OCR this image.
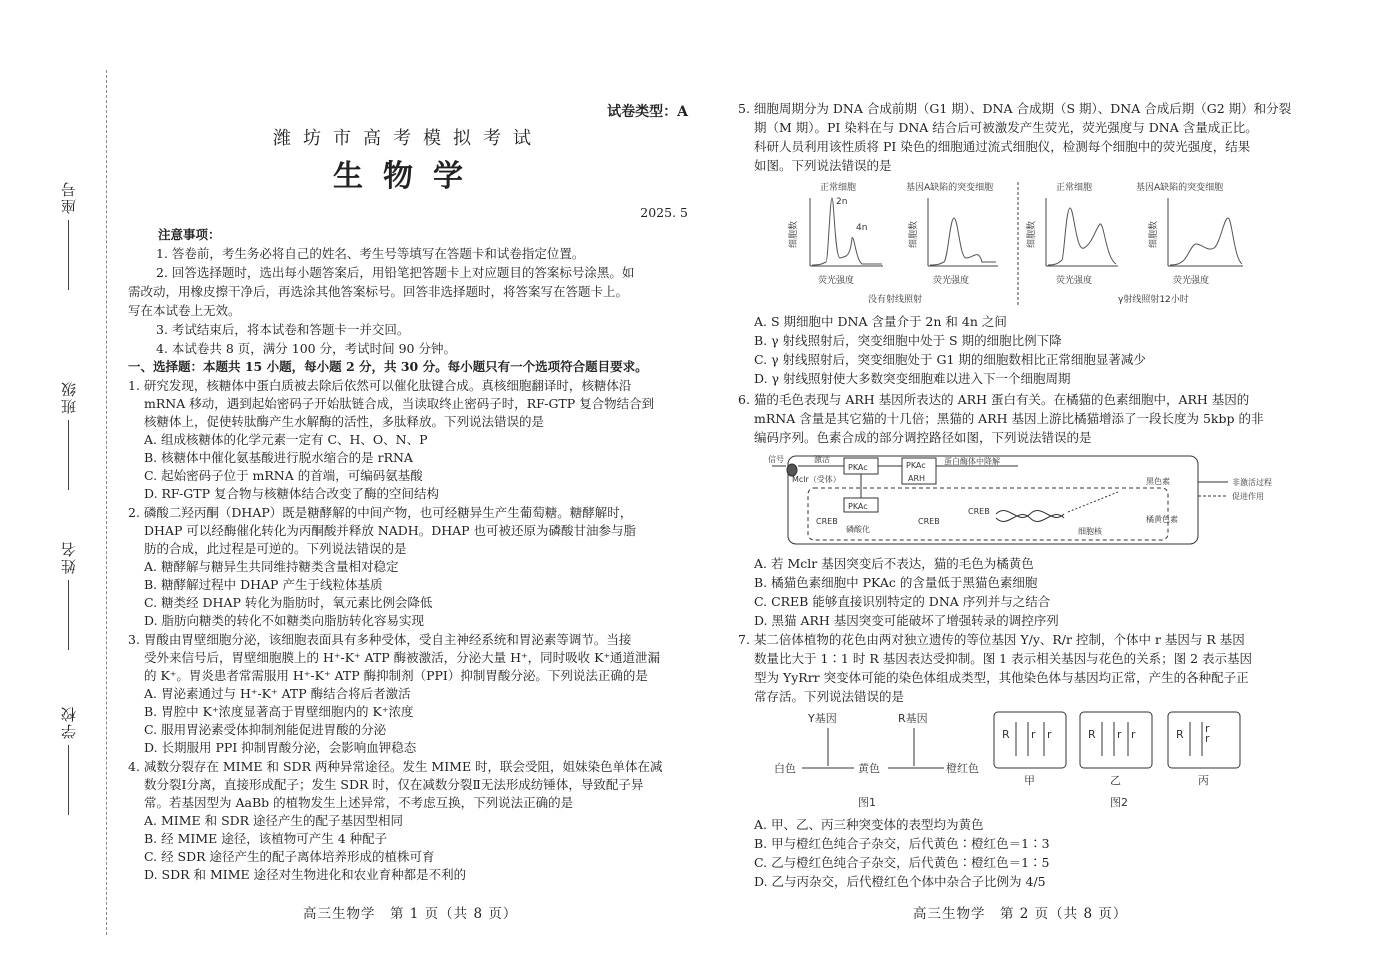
座号
班级
姓名
学校
试卷类型：A
潍坊市高考模拟考试
生物学
2025. 5
注意事项：
1. 答卷前，考生务必将自己的姓名、考生号等填写在答题卡和试卷指定位置。
2. 回答选择题时，选出每小题答案后，用铅笔把答题卡上对应题目的答案标号涂黑。如
需改动，用橡皮擦干净后，再选涂其他答案标号。回答非选择题时，将答案写在答题卡上。
写在本试卷上无效。
3. 考试结束后，将本试卷和答题卡一并交回。
4. 本试卷共 8 页，满分 100 分，考试时间 90 分钟。
一、选择题：本题共 15 小题，每小题 2 分，共 30 分。每小题只有一个选项符合题目要求。
1. 研究发现，核糖体中蛋白质被去除后依然可以催化肽键合成。真核细胞翻译时，核糖体沿
mRNA 移动，遇到起始密码子开始肽链合成，当读取终止密码子时，RF-GTP 复合物结合到
核糖体上，促使转肽酶产生水解酶的活性，多肽释放。下列说法错误的是
A. 组成核糖体的化学元素一定有 C、H、O、N、P
B. 核糖体中催化氨基酸进行脱水缩合的是 rRNA
C. 起始密码子位于 mRNA 的首端，可编码氨基酸
D. RF-GTP 复合物与核糖体结合改变了酶的空间结构
2. 磷酸二羟丙酮（DHAP）既是糖酵解的中间产物，也可经糖异生产生葡萄糖。糖酵解时，
DHAP 可以经酶催化转化为丙酮酸并释放 NADH。DHAP 也可被还原为磷酸甘油参与脂
肪的合成，此过程是可逆的。下列说法错误的是
A. 糖酵解与糖异生共同维持糖类含量相对稳定
B. 糖酵解过程中 DHAP 产生于线粒体基质
C. 糖类经 DHAP 转化为脂肪时，氧元素比例会降低
D. 脂肪向糖类的转化不如糖类向脂肪转化容易实现
3. 胃酸由胃壁细胞分泌，该细胞表面具有多种受体，受自主神经系统和胃泌素等调节。当接
受外来信号后，胃壁细胞膜上的 H⁺-K⁺ ATP 酶被激活，分泌大量 H⁺，同时吸收 K⁺通道泄漏
的 K⁺。胃炎患者常需服用 H⁺-K⁺ ATP 酶抑制剂（PPI）抑制胃酸分泌。下列说法正确的是
A. 胃泌素通过与 H⁺-K⁺ ATP 酶结合将后者激活
B. 胃腔中 K⁺浓度显著高于胃壁细胞内的 K⁺浓度
C. 服用胃泌素受体抑制剂能促进胃酸的分泌
D. 长期服用 PPI 抑制胃酸分泌，会影响血钾稳态
4. 减数分裂存在 MIME 和 SDR 两种异常途径。发生 MIME 时，联会受阻，姐妹染色单体在减
数分裂Ⅰ分离，直接形成配子；发生 SDR 时，仅在减数分裂Ⅱ无法形成纺锤体，导致配子异
常。若基因型为 AaBb 的植物发生上述异常，不考虑互换，下列说法正确的是
A. MIME 和 SDR 途径产生的配子基因型相同
B. 经 MIME 途径，该植物可产生 4 种配子
C. 经 SDR 途径产生的配子离体培养形成的植株可育
D. SDR 和 MIME 途径对生物进化和农业育种都是不利的
高三生物学　第 1 页（共 8 页）
5. 细胞周期分为 DNA 合成前期（G1 期）、DNA 合成期（S 期）、DNA 合成后期（G2 期）和分裂
期（M 期）。PI 染料在与 DNA 结合后可被激发产生荧光，荧光强度与 DNA 含量成正比。
科研人员利用该性质将 PI 染色的细胞通过流式细胞仪，检测每个细胞中的荧光强度，结果
如图。下列说法错误的是
正常细胞
2n
4n
细胞数
荧光强度
基因A缺陷的突变细胞
细胞数
荧光强度
正常细胞
细胞数
荧光强度
基因A缺陷的突变细胞
细胞数
荧光强度
没有射线照射	γ射线照射12小时
A. S 期细胞中 DNA 含量介于 2n 和 4n 之间
B. γ 射线照射后，突变细胞中处于 S 期的细胞比例下降
C. γ 射线照射后，突变细胞处于 G1 期的细胞数相比正常细胞显著减少
D. γ 射线照射使大多数突变细胞难以进入下一个细胞周期
6. 猫的毛色表现与 ARH 基因所表达的 ARH 蛋白有关。在橘猫的色素细胞中，ARH 基因的
mRNA 含量是其它猫的十几倍；黑猫的 ARH 基因上游比橘猫增添了一段长度为 5kbp 的非
编码序列。色素合成的部分调控路径如图，下列说法错误的是
信号
Mclr（受体）
激活
PKAc	PKAc
ARH
蛋白酶体中降解
PKAc
磷酸化
CREB	CREB
CREB
细胞核
黑色素
橘黄色素
非激活过程
促进作用
A. 若 Mclr 基因突变后不表达，猫的毛色为橘黄色
B. 橘猫色素细胞中 PKAc 的含量低于黑猫色素细胞
C. CREB 能够直接识别特定的 DNA 序列并与之结合
D. 黑猫 ARH 基因突变可能破坏了增强转录的调控序列
7. 某二倍体植物的花色由两对独立遗传的等位基因 Y/y、R/r 控制，个体中 r 基因与 R 基因
数量比大于 1∶1 时 R 基因表达受抑制。图 1 表示相关基因与花色的关系；图 2 表示基因
型为 YyRrr 突变体可能的染色体组成类型，其他染色体与基因均正常，产生的各种配子正
常存活。下列说法错误的是
Y基因	R基因
白色	黄色	橙红色
图1	图2
甲	乙	丙
R r r	R r r	R r
r
A. 甲、乙、丙三种突变体的表型均为黄色
B. 甲与橙红色纯合子杂交，后代黄色∶橙红色＝1∶3
C. 乙与橙红色纯合子杂交，后代黄色∶橙红色＝1∶5
D. 乙与丙杂交，后代橙红色个体中杂合子比例为 4/5
高三生物学　第 2 页（共 8 页）
